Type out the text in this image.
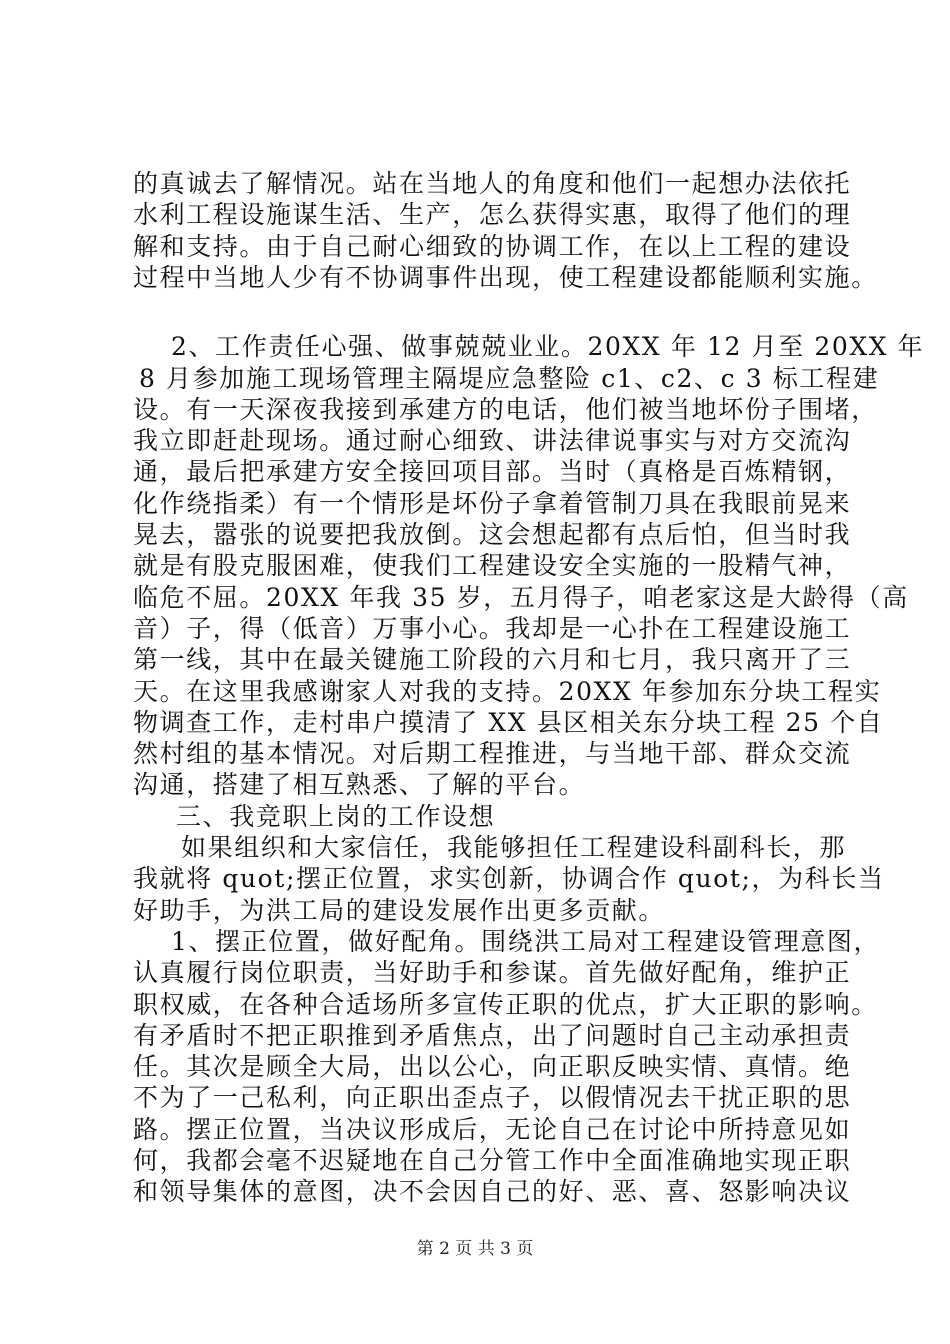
的真诚去了解情况。站在当地人的角度和他们一起想办法依托
水利工程设施谋生活、生产，怎么获得实惠，取得了他们的理
解和支持。由于自己耐心细致的协调工作，在以上工程的建设
过程中当地人少有不协调事件出现，使工程建设都能顺利实施。
2、工作责任心强、做事兢兢业业。20XX 年 12 月至 20XX 年
8 月参加施工现场管理主隔堤应急整险 c1、c2、c 3 标工程建
设。有一天深夜我接到承建方的电话，他们被当地坏份子围堵，
我立即赶赴现场。通过耐心细致、讲法律说事实与对方交流沟
通，最后把承建方安全接回项目部。当时（真格是百炼精钢，
化作绕指柔）有一个情形是坏份子拿着管制刀具在我眼前晃来
晃去，嚣张的说要把我放倒。这会想起都有点后怕，但当时我
就是有股克服困难，使我们工程建设安全实施的一股精气神，
临危不屈。20XX 年我 35 岁，五月得子，咱老家这是大龄得（高
音）子，得（低音）万事小心。我却是一心扑在工程建设施工
第一线，其中在最关键施工阶段的六月和七月，我只离开了三
天。在这里我感谢家人对我的支持。20XX 年参加东分块工程实
物调查工作，走村串户摸清了 XX 县区相关东分块工程 25 个自
然村组的基本情况。对后期工程推进，与当地干部、群众交流
沟通，搭建了相互熟悉、了解的平台。
三、我竞职上岗的工作设想
如果组织和大家信任，我能够担任工程建设科副科长，那
我就将 quot;摆正位置，求实创新，协调合作 quot;，为科长当
好助手，为洪工局的建设发展作出更多贡献。
1、摆正位置，做好配角。围绕洪工局对工程建设管理意图，
认真履行岗位职责，当好助手和参谋。首先做好配角，维护正
职权威，在各种合适场所多宣传正职的优点，扩大正职的影响。
有矛盾时不把正职推到矛盾焦点，出了问题时自己主动承担责
任。其次是顾全大局，出以公心，向正职反映实情、真情。绝
不为了一己私利，向正职出歪点子，以假情况去干扰正职的思
路。摆正位置，当决议形成后，无论自己在讨论中所持意见如
何，我都会毫不迟疑地在自己分管工作中全面准确地实现正职
和领导集体的意图，决不会因自己的好、恶、喜、怒影响决议
第 2 页 共 3 页
